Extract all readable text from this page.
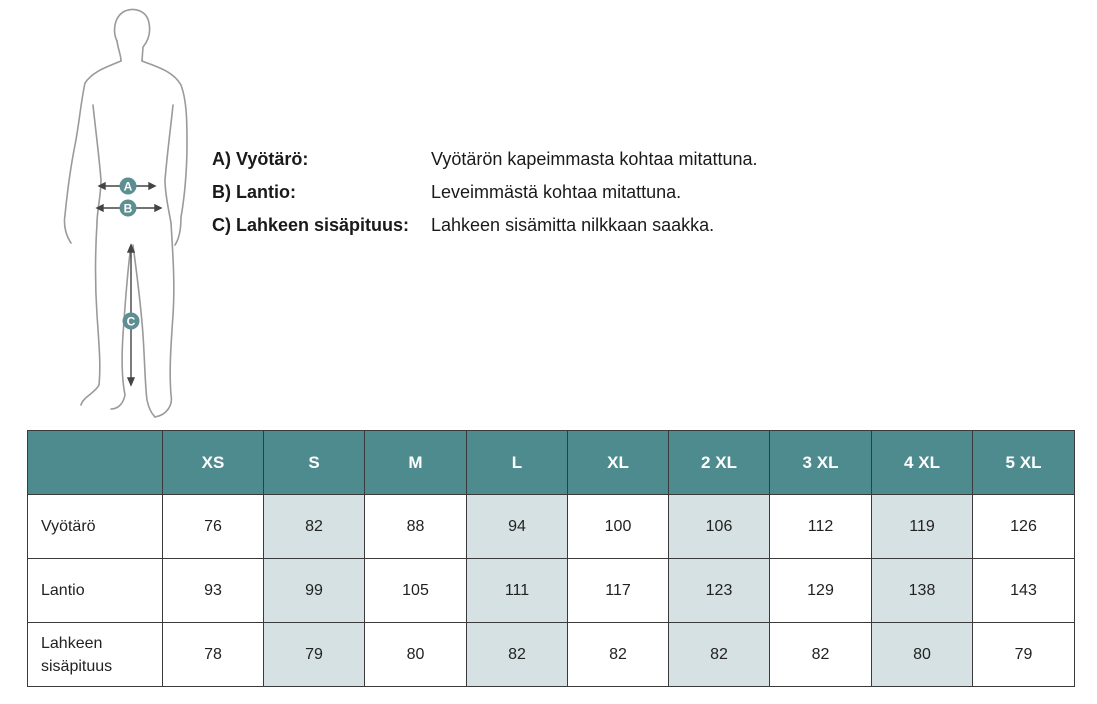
A
B
C
A) Vyötärö:	Vyötärön kapeimmasta kohtaa mitattuna.
B) Lantio:	Leveimmästä kohtaa mitattuna.
C) Lahkeen sisäpituus:	Lahkeen sisämitta nilkkaan saakka.
	XS	S	M	L	XL	2 XL	3 XL	4 XL	5 XL
Vyötärö	76	82	88	94	100	106	112	119	126
Lantio	93	99	105	111	117	123	129	138	143
Lahkeen sisäpituus	78	79	80	82	82	82	82	80	79
